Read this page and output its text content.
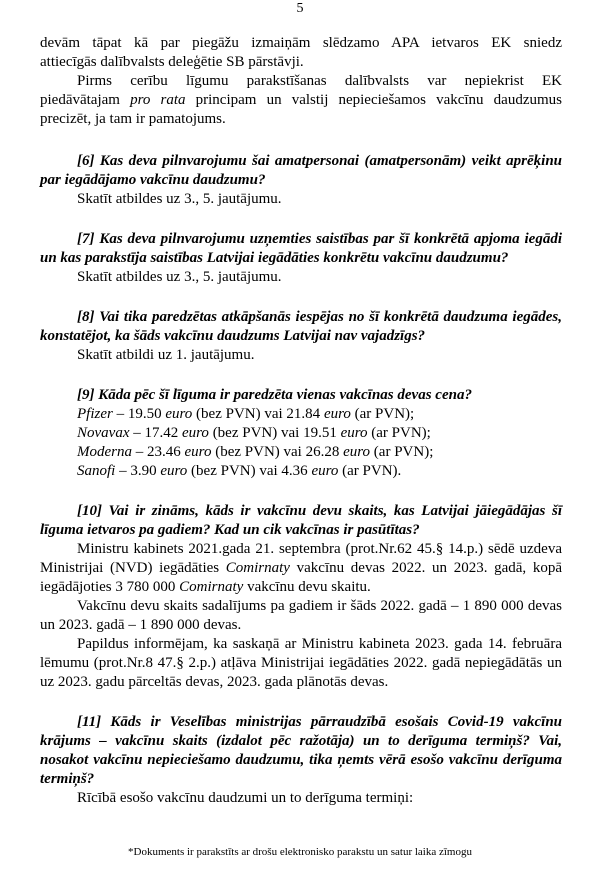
5

devām tāpat kā par piegāžu izmaiņām slēdzamo APA ietvaros EK sniedz

attiecīgās dalībvalsts deleģētie SB pārstāvji.

Pirms cerību līgumu parakstīšanas dalībvalsts var nepiekrist EK

piedāvātajam pro rata principam un valstij nepieciešamos vakcīnu daudzumus

precizēt, ja tam ir pamatojums.

[6] Kas deva pilnvarojumu šai amatpersonai (amatpersonām) veikt aprēķinu par iegādājamo vakcīnu daudzumu?

Skatīt atbildes uz 3., 5. jautājumu.

[7] Kas deva pilnvarojumu uzņemties saistības par šī konkrētā apjoma iegādi un kas parakstīja saistības Latvijai iegādāties konkrētu vakcīnu daudzumu?

Skatīt atbildes uz 3., 5. jautājumu.

[8] Vai tika paredzētas atkāpšanās iespējas no šī konkrētā daudzuma iegādes, konstatējot, ka šāds vakcīnu daudzums Latvijai nav vajadzīgs?

Skatīt atbildi uz 1. jautājumu.

[9] Kāda pēc šī līguma ir paredzēta vienas vakcīnas devas cena?

Pfizer – 19.50 euro (bez PVN) vai 21.84 euro (ar PVN);

Novavax – 17.42 euro (bez PVN) vai 19.51 euro (ar PVN);

Moderna – 23.46 euro (bez PVN) vai 26.28 euro (ar PVN);

Sanofi – 3.90 euro (bez PVN) vai 4.36 euro (ar PVN).

[10] Vai ir zināms, kāds ir vakcīnu devu skaits, kas Latvijai jāiegādājas šī līguma ietvaros pa gadiem? Kad un cik vakcīnas ir pasūtītas?

Ministru kabinets 2021.gada 21. septembra (prot.Nr.62 45.§ 14.p.) sēdē uzdeva Ministrijai (NVD) iegādāties Comirnaty vakcīnu devas 2022. un 2023. gadā, kopā iegādājoties 3 780 000 Comirnaty vakcīnu devu skaitu.

Vakcīnu devu skaits sadalījums pa gadiem ir šāds 2022. gadā – 1 890 000 devas un 2023. gadā – 1 890 000 devas.

Papildus informējam, ka saskaņā ar Ministru kabineta 2023. gada 14. februāra lēmumu (prot.Nr.8 47.§ 2.p.) atļāva Ministrijai iegādāties 2022. gadā nepiegādātās un uz 2023. gadu pārceltās devas, 2023. gada plānotās devas.

[11] Kāds ir Veselības ministrijas pārraudzībā esošais Covid-19 vakcīnu krājums – vakcīnu skaits (izdalot pēc ražotāja) un to derīguma termiņš? Vai, nosakot vakcīnu nepieciešamo daudzumu, tika ņemts vērā esošo vakcīnu derīguma termiņš?

Rīcībā esošo vakcīnu daudzumi un to derīguma termiņi:

*Dokuments ir parakstīts ar drošu elektronisko parakstu un satur laika zīmogu
